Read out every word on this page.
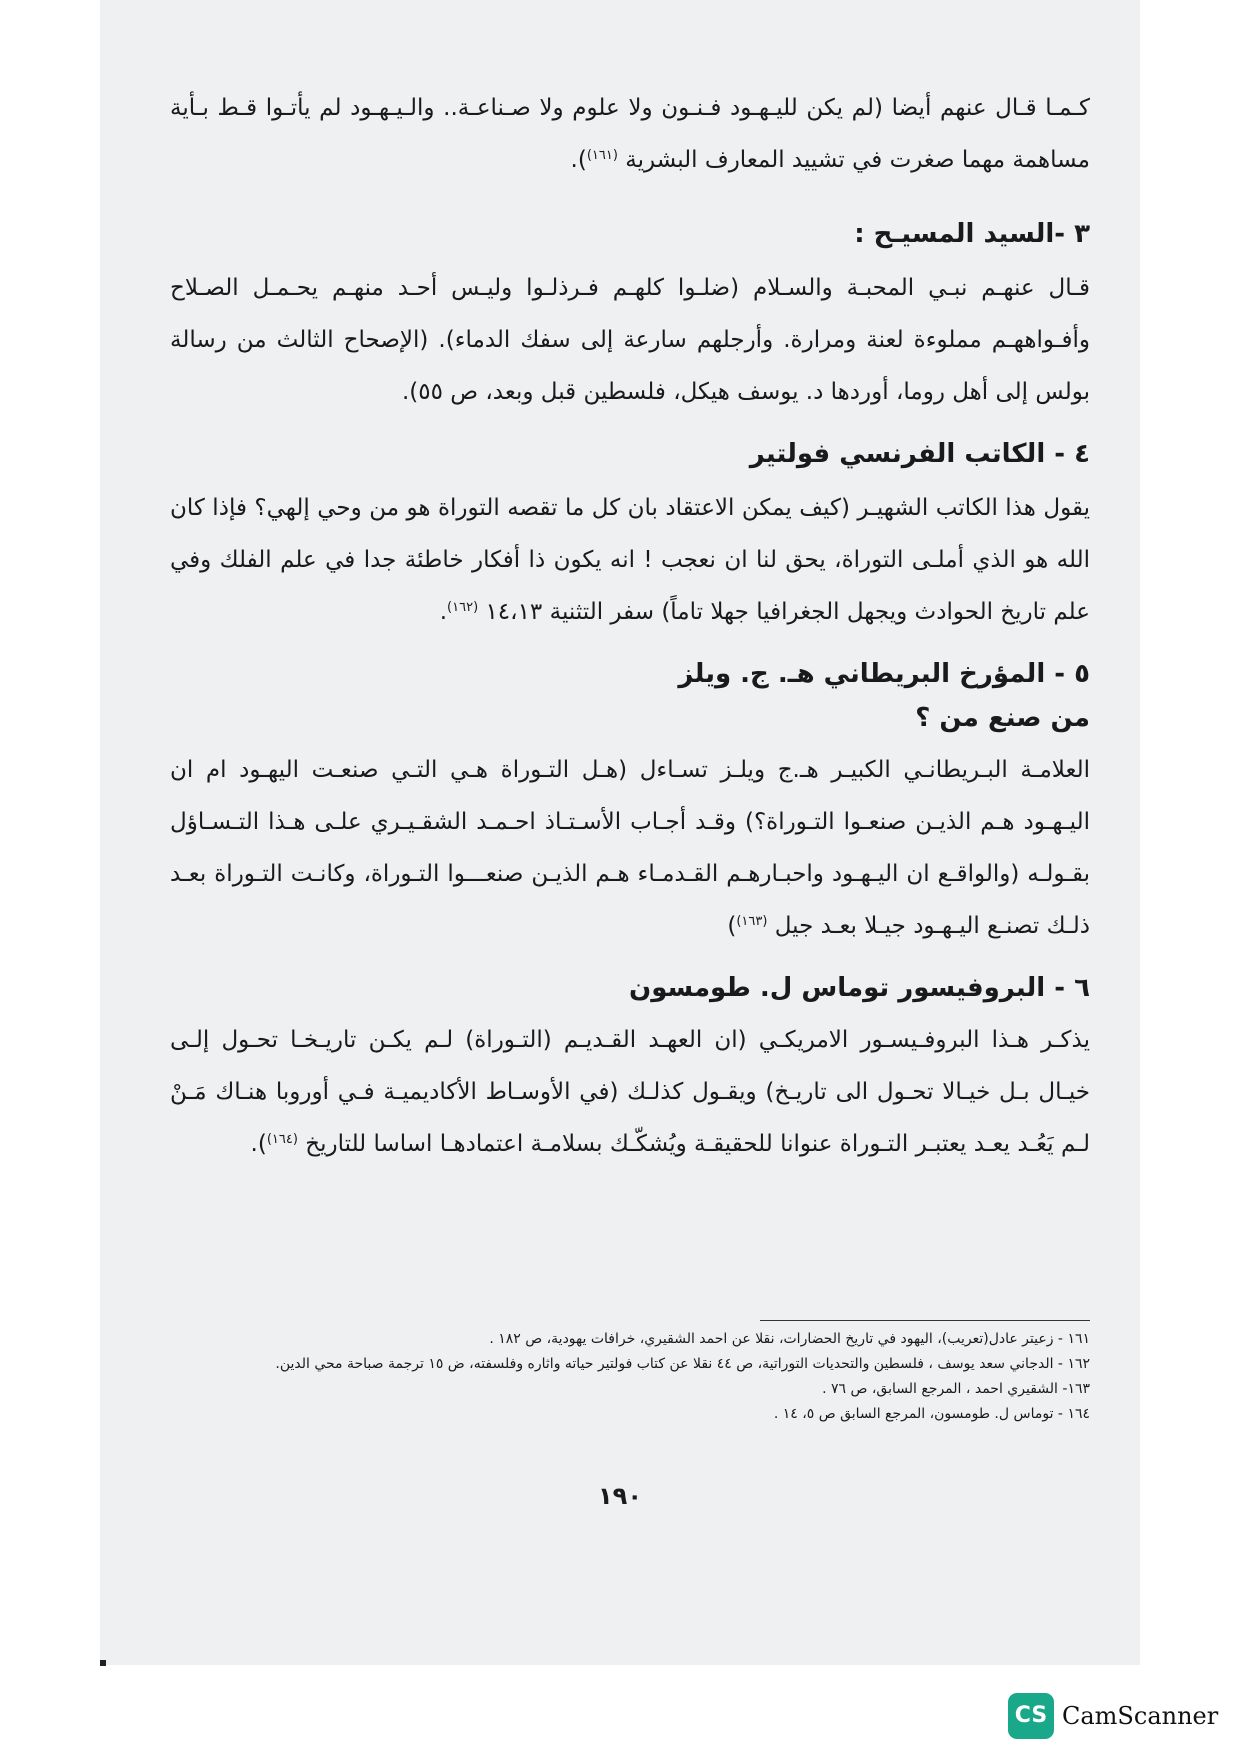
كـمـا قـال عنهم أيضا (لم يكن لليـهـود فـنـون ولا علوم ولا صـناعـة.. والـيـهـود لم يأتـوا قـط بـأية مساهمة مهما صغرت في تشييد المعارف البشرية $^{(١٦١)}$).

٣ -السيد المسيـح :

قـال عنهـم نبـي المحبـة والسـلام (ضلـوا كلهـم فـرذلـوا وليـس أحـد منهـم يحـمـل الصـلاح وأفـواههـم مملوءة لعنة ومرارة. وأرجلهم سارعة إلى سفك الدماء). (الإصحاح الثالث من رسالة بولس إلى أهل روما، أوردها د. يوسف هيكل، فلسطين قبل وبعد، ص ٥٥).

٤ - الكاتب الفرنسي فولتير

يقول هذا الكاتب الشهيـر (كيف يمكن الاعتقاد بان كل ما تقصه التوراة هو من وحي إلهي؟ فإذا كان الله هو الذي أملـى التوراة، يحق لنا ان نعجب ! انه يكون ذا أفكار خاطئة جدا في علم الفلك وفي علم تاريخ الحوادث ويجهل الجغرافيا جهلا تاماً) سفر التثنية ١٤،١٣ $^{(١٦٢)}$.

٥ - المؤرخ البريطاني هـ. ج. ويلز

من صنع من ؟

العلامـة البـريطانـي الكبيـر هـ.ج ويلـز تسـاءل (هـل التـوراة هـي التـي صنعـت اليهـود ام ان اليـهـود هـم الذيـن صنعـوا التـوراة؟) وقـد أجـاب الأسـتـاذ احـمـد الشقـيـري علـى هـذا التـسـاؤل بقـولـه (والواقـع ان اليـهـود واحبـارهـم القـدمـاء هـم الذيـن صنعـــوا التـوراة، وكانـت التـوراة بعـد ذلـك تصنـع اليـهـود جيـلا بعـد جيل $^{(١٦٣)}$)

٦ - البروفيسور توماس ل. طومسون

يذكـر هـذا البروفـيسـور الامريكـي (ان العهـد القـديـم (التـوراة) لـم يكـن تاريـخـا تحـول إلـى خيـال بـل خيـالا تحـول الى تاريـخ) ويقـول كذلـك (في الأوسـاط الأكاديميـة فـي أوروبا هنـاك مَـنْ لـم يَعُـد يعـد يعتبـر التـوراة عنوانا للحقيقـة ويُشكّـك بسلامـة اعتمادهـا اساسا للتاريخ $^{(١٦٤)}$).

١٦١ - زعيتر عادل(تعريب)، اليهود في تاريخ الحضارات، نقلا عن احمد الشقيري، خرافات يهودية، ص ١٨٢ .

١٦٢ - الدجاني سعد يوسف ، فلسطين والتحديات التوراتية، ص ٤٤ نقلا عن كتاب فولتير حياته واثاره وفلسفته، ض ١٥ ترجمة صباحة محي الدين.

١٦٣- الشقيري احمد ، المرجع السابق، ص ٧٦ .

١٦٤ - توماس ل. طومسون، المرجع السابق ص ٥، ١٤ .

١٩٠
CS CamScanner
